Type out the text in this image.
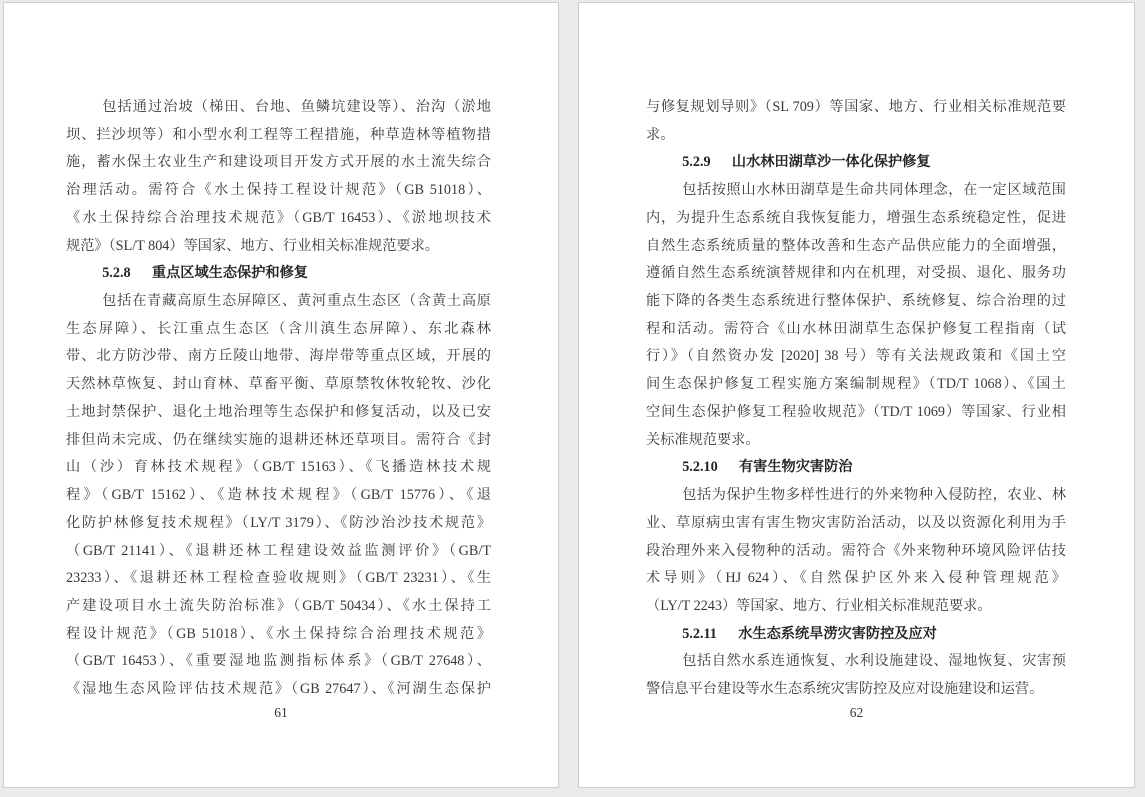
包括通过治坡（梯田、台地、鱼鳞坑建设等）、治沟（淤地
坝、拦沙坝等）和小型水利工程等工程措施，种草造林等植物措
施，蓄水保土农业生产和建设项目开发方式开展的水土流失综合
治理活动。需符合《水土保持工程设计规范》（GB 51018）、
《水土保持综合治理技术规范》（GB/T 16453）、《淤地坝技术
规范》（SL/T 804）等国家、地方、行业相关标准规范要求。
5.2.8 重点区域生态保护和修复
包括在青藏高原生态屏障区、黄河重点生态区（含黄土高原
生态屏障）、长江重点生态区（含川滇生态屏障）、东北森林
带、北方防沙带、南方丘陵山地带、海岸带等重点区域，开展的
天然林草恢复、封山育林、草畜平衡、草原禁牧休牧轮牧、沙化
土地封禁保护、退化土地治理等生态保护和修复活动，以及已安
排但尚未完成、仍在继续实施的退耕还林还草项目。需符合《封
山（沙）育林技术规程》（GB/T 15163）、《飞播造林技术规
程》（GB/T 15162）、《造林技术规程》（GB/T 15776）、《退
化防护林修复技术规程》（LY/T 3179）、《防沙治沙技术规范》
（GB/T 21141）、《退耕还林工程建设效益监测评价》（GB/T
23233）、《退耕还林工程检查验收规则》（GB/T 23231）、《生
产建设项目水土流失防治标准》（GB/T 50434）、《水土保持工
程设计规范》（GB 51018）、《水土保持综合治理技术规范》
（GB/T 16453）、《重要湿地监测指标体系》（GB/T 27648）、
《湿地生态风险评估技术规范》（GB 27647）、《河湖生态保护
61
与修复规划导则》（SL 709）等国家、地方、行业相关标准规范要
求。
5.2.9 山水林田湖草沙一体化保护修复
包括按照山水林田湖草是生命共同体理念，在一定区域范围
内，为提升生态系统自我恢复能力，增强生态系统稳定性，促进
自然生态系统质量的整体改善和生态产品供应能力的全面增强，
遵循自然生态系统演替规律和内在机理，对受损、退化、服务功
能下降的各类生态系统进行整体保护、系统修复、综合治理的过
程和活动。需符合《山水林田湖草生态保护修复工程指南（试
行）》（自然资办发 [2020] 38 号）等有关法规政策和《国土空
间生态保护修复工程实施方案编制规程》（TD/T 1068）、《国土
空间生态保护修复工程验收规范》（TD/T 1069）等国家、行业相
关标准规范要求。
5.2.10 有害生物灾害防治
包括为保护生物多样性进行的外来物种入侵防控，农业、林
业、草原病虫害有害生物灾害防治活动，以及以资源化利用为手
段治理外来入侵物种的活动。需符合《外来物种环境风险评估技
术导则》（HJ 624）、《自然保护区外来入侵种管理规范》
（LY/T 2243）等国家、地方、行业相关标准规范要求。
5.2.11 水生态系统旱涝灾害防控及应对
包括自然水系连通恢复、水利设施建设、湿地恢复、灾害预
警信息平台建设等水生态系统灾害防控及应对设施建设和运营。
62
